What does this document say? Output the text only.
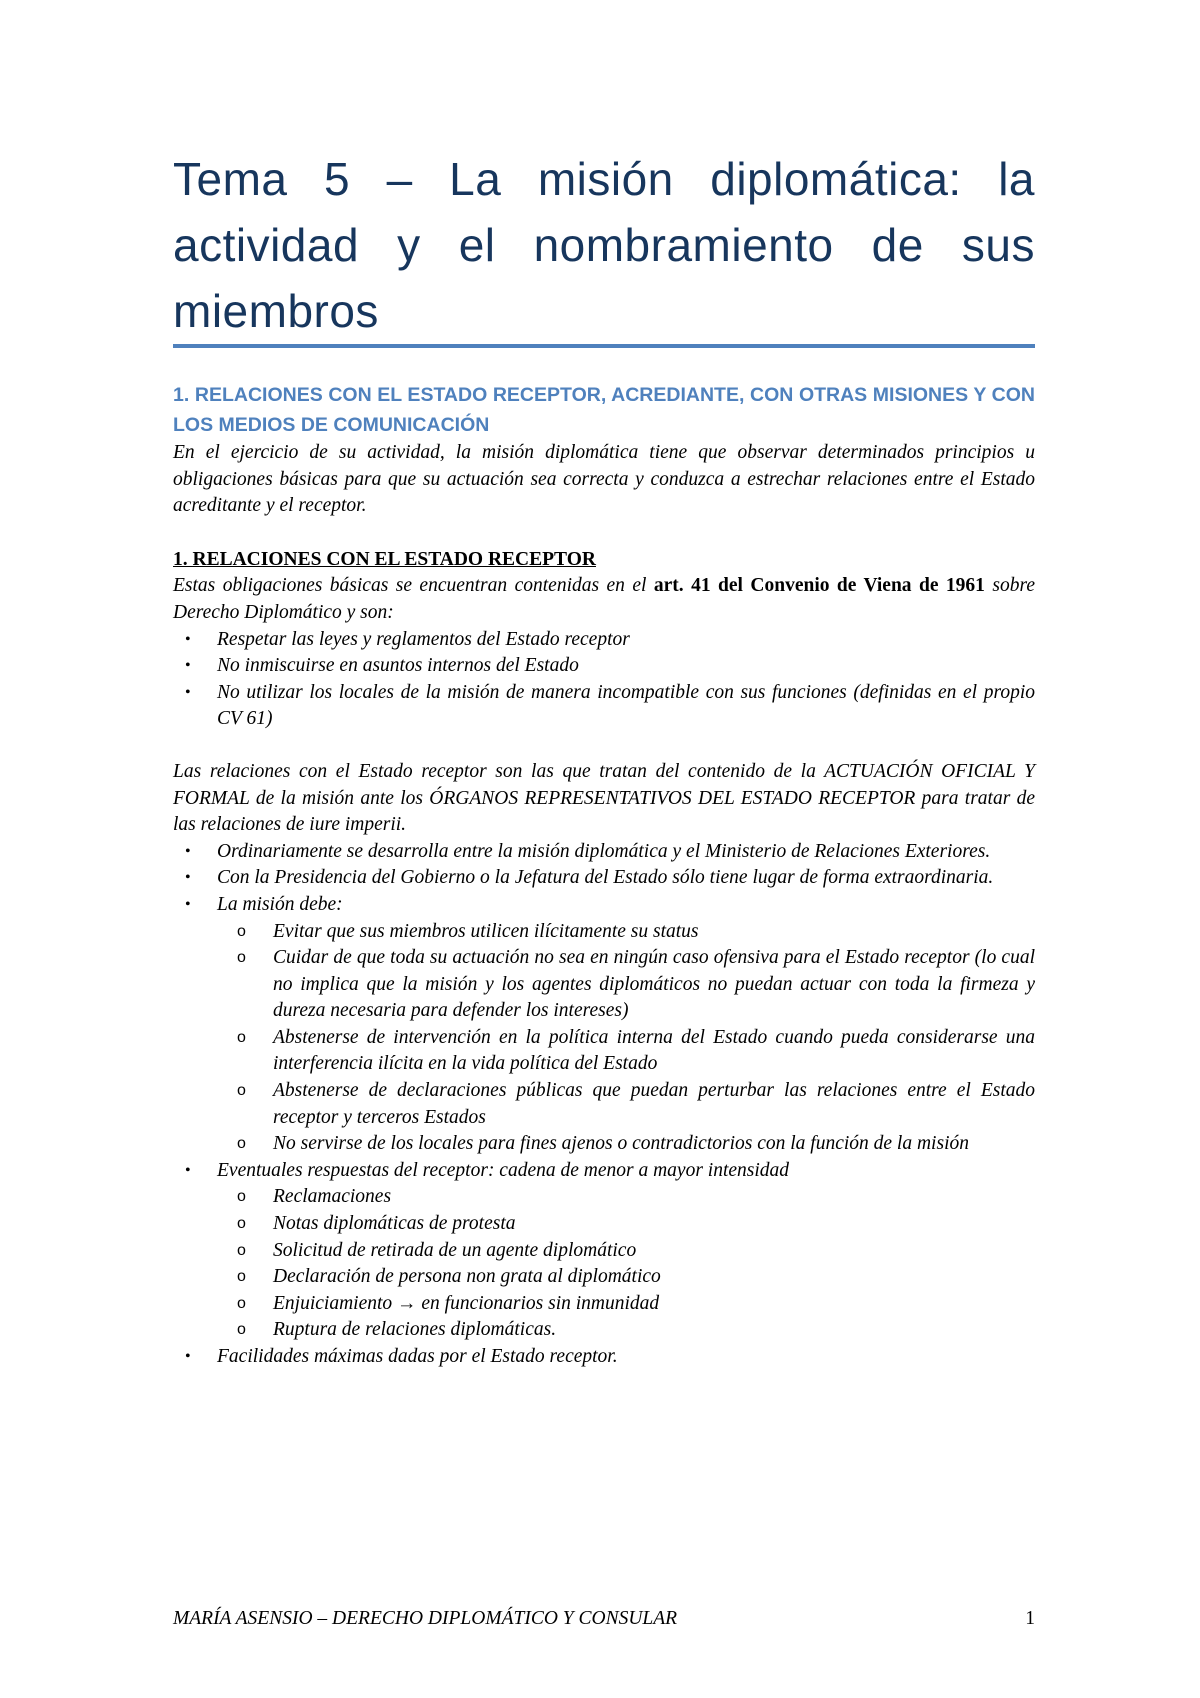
Tema 5 – La misión diplomática: la actividad y el nombramiento de sus miembros

1. RELACIONES CON EL ESTADO RECEPTOR, ACREDIANTE, CON OTRAS MISIONES Y CON LOS MEDIOS DE COMUNICACIÓN

En el ejercicio de su actividad, la misión diplomática tiene que observar determinados principios u obligaciones básicas para que su actuación sea correcta y conduzca a estrechar relaciones entre el Estado acreditante y el receptor.

1. RELACIONES CON EL ESTADO RECEPTOR

Estas obligaciones básicas se encuentran contenidas en el art. 41 del Convenio de Viena de 1961 sobre Derecho Diplomático y son:

• Respetar las leyes y reglamentos del Estado receptor
• No inmiscuirse en asuntos internos del Estado
• No utilizar los locales de la misión de manera incompatible con sus funciones (definidas en el propio CV 61)

Las relaciones con el Estado receptor son las que tratan del contenido de la ACTUACIÓN OFICIAL Y FORMAL de la misión ante los ÓRGANOS REPRESENTATIVOS DEL ESTADO RECEPTOR para tratar de las relaciones de iure imperii.

• Ordinariamente se desarrolla entre la misión diplomática y el Ministerio de Relaciones Exteriores.
• Con la Presidencia del Gobierno o la Jefatura del Estado sólo tiene lugar de forma extraordinaria.
• La misión debe:
o Evitar que sus miembros utilicen ilícitamente su status
o Cuidar de que toda su actuación no sea en ningún caso ofensiva para el Estado receptor (lo cual no implica que la misión y los agentes diplomáticos no puedan actuar con toda la firmeza y dureza necesaria para defender los intereses)
o Abstenerse de intervención en la política interna del Estado cuando pueda considerarse una interferencia ilícita en la vida política del Estado
o Abstenerse de declaraciones públicas que puedan perturbar las relaciones entre el Estado receptor y terceros Estados
o No servirse de los locales para fines ajenos o contradictorios con la función de la misión
• Eventuales respuestas del receptor: cadena de menor a mayor intensidad
o Reclamaciones
o Notas diplomáticas de protesta
o Solicitud de retirada de un agente diplomático
o Declaración de persona non grata al diplomático
o Enjuiciamiento → en funcionarios sin inmunidad
o Ruptura de relaciones diplomáticas.
• Facilidades máximas dadas por el Estado receptor.
MARÍA ASENSIO – DERECHO DIPLOMÁTICO Y CONSULAR	1
